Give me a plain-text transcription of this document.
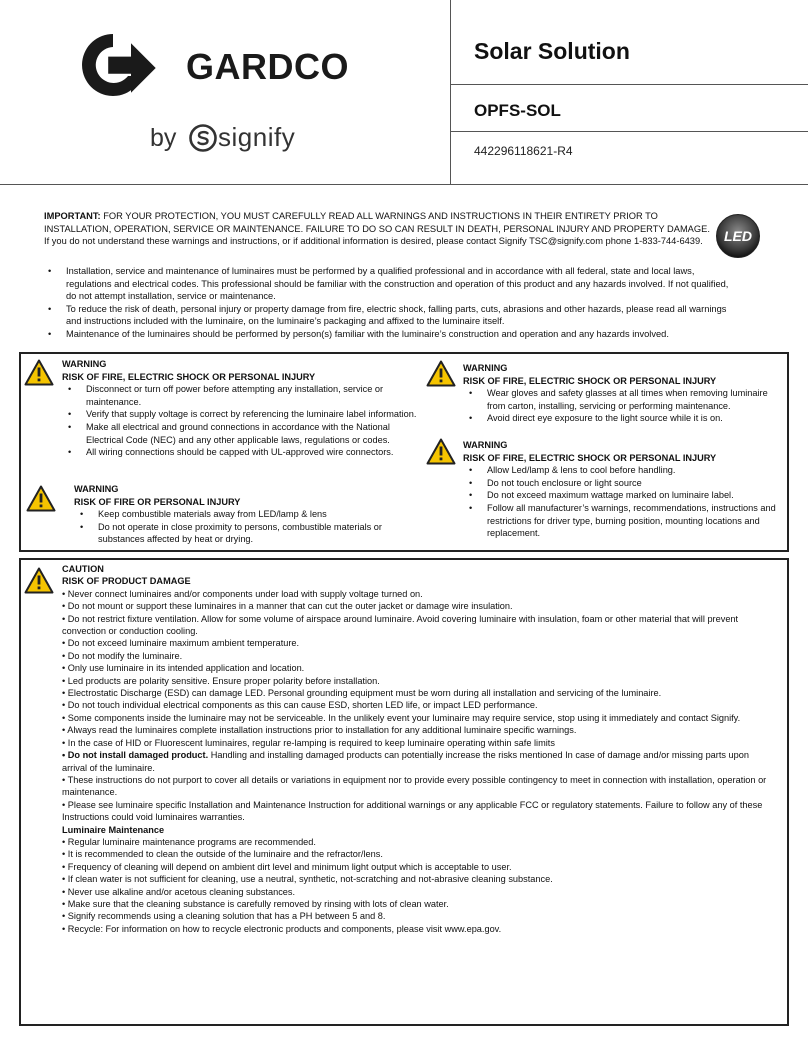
GARDCO
by signify
Solar Solution
OPFS-SOL
442296118621-R4
IMPORTANT: FOR YOUR PROTECTION, YOU MUST CAREFULLY READ ALL WARNINGS AND INSTRUCTIONS IN THEIR ENTIRETY PRIOR TO INSTALLATION, OPERATION, SERVICE OR MAINTENANCE. FAILURE TO DO SO CAN RESULT IN DEATH, PERSONAL INJURY AND PROPERTY DAMAGE. If you do not understand these warnings and instructions, or if additional information is desired, please contact Signify TSC@signify.com phone 1-833-744-6439.	LED
• Installation, service and maintenance of luminaires must be performed by a qualified professional and in accordance with all federal, state and local laws, regulations and electrical codes. This professional should be familiar with the construction and operation of this product and any hazards involved. If not qualified, do not attempt installation, service or maintenance.
• To reduce the risk of death, personal injury or property damage from fire, electric shock, falling parts, cuts, abrasions and other hazards, please read all warnings and instructions included with the luminaire, on the luminaire’s packaging and affixed to the luminaire itself.
• Maintenance of the luminaires should be performed by person(s) familiar with the luminaire’s construction and operation and any hazards involved.
WARNING
RISK OF FIRE, ELECTRIC SHOCK OR PERSONAL INJURY
• Disconnect or turn off power before attempting any installation, service or maintenance.
• Verify that supply voltage is correct by referencing the luminaire label information.
• Make all electrical and ground connections in accordance with the National Electrical Code (NEC) and any other applicable laws, regulations or codes.
• All wiring connections should be capped with UL-approved wire connectors.
WARNING
RISK OF FIRE OR PERSONAL INJURY
• Keep combustible materials away from LED/lamp & lens
• Do not operate in close proximity to persons, combustible materials or substances affected by heat or drying.
WARNING
RISK OF FIRE, ELECTRIC SHOCK OR PERSONAL INJURY
• Wear gloves and safety glasses at all times when removing luminaire from carton, installing, servicing or performing maintenance.
• Avoid direct eye exposure to the light source while it is on.
WARNING
RISK OF FIRE, ELECTRIC SHOCK OR PERSONAL INJURY
• Allow Led/lamp & lens to cool before handling.
• Do not touch enclosure or light source
• Do not exceed maximum wattage marked on luminaire label.
• Follow all manufacturer’s warnings, recommendations, instructions and restrictions for driver type, burning position, mounting locations and replacement.

CAUTION

RISK OF PRODUCT DAMAGE

• Never connect luminaires and/or components under load with supply voltage turned on.

• Do not mount or support these luminaires in a manner that can cut the outer jacket or damage wire insulation.

• Do not restrict fixture ventilation. Allow for some volume of airspace around luminaire. Avoid covering luminaire with insulation, foam or other material that will prevent convection or conduction cooling.

• Do not exceed luminaire maximum ambient temperature.

• Do not modify the luminaire.

• Only use luminaire in its intended application and location.

• Led products are polarity sensitive. Ensure proper polarity before installation.

• Electrostatic Discharge (ESD) can damage LED. Personal grounding equipment must be worn during all installation and servicing of the luminaire.

• Do not touch individual electrical components as this can cause ESD, shorten LED life, or impact LED performance.

• Some components inside the luminaire may not be serviceable. In the unlikely event your luminaire may require service, stop using it immediately and contact Signify.

• Always read the luminaires complete installation instructions prior to installation for any additional luminaire specific warnings.

• In the case of HID or Fluorescent luminaires, regular re-lamping is required to keep luminaire operating within safe limits

• Do not install damaged product. Handling and installing damaged products can potentially increase the risks mentioned In case of damage and/or missing parts upon arrival of the luminaire.

• These instructions do not purport to cover all details or variations in equipment nor to provide every possible contingency to meet in connection with installation, operation or maintenance.

• Please see luminaire specific Installation and Maintenance Instruction for additional warnings or any applicable FCC or regulatory statements. Failure to follow any of these Instructions could void luminaires warranties.

Luminaire Maintenance

• Regular luminaire maintenance programs are recommended.

• It is recommended to clean the outside of the luminaire and the refractor/lens.

• Frequency of cleaning will depend on ambient dirt level and minimum light output which is acceptable to user.

• If clean water is not sufficient for cleaning, use a neutral, synthetic, not-scratching and not-abrasive cleaning substance.

• Never use alkaline and/or acetous cleaning substances.

• Make sure that the cleaning substance is carefully removed by rinsing with lots of clean water.

• Signify recommends using a cleaning solution that has a PH between 5 and 8.

• Recycle: For information on how to recycle electronic products and components, please visit www.epa.gov.
